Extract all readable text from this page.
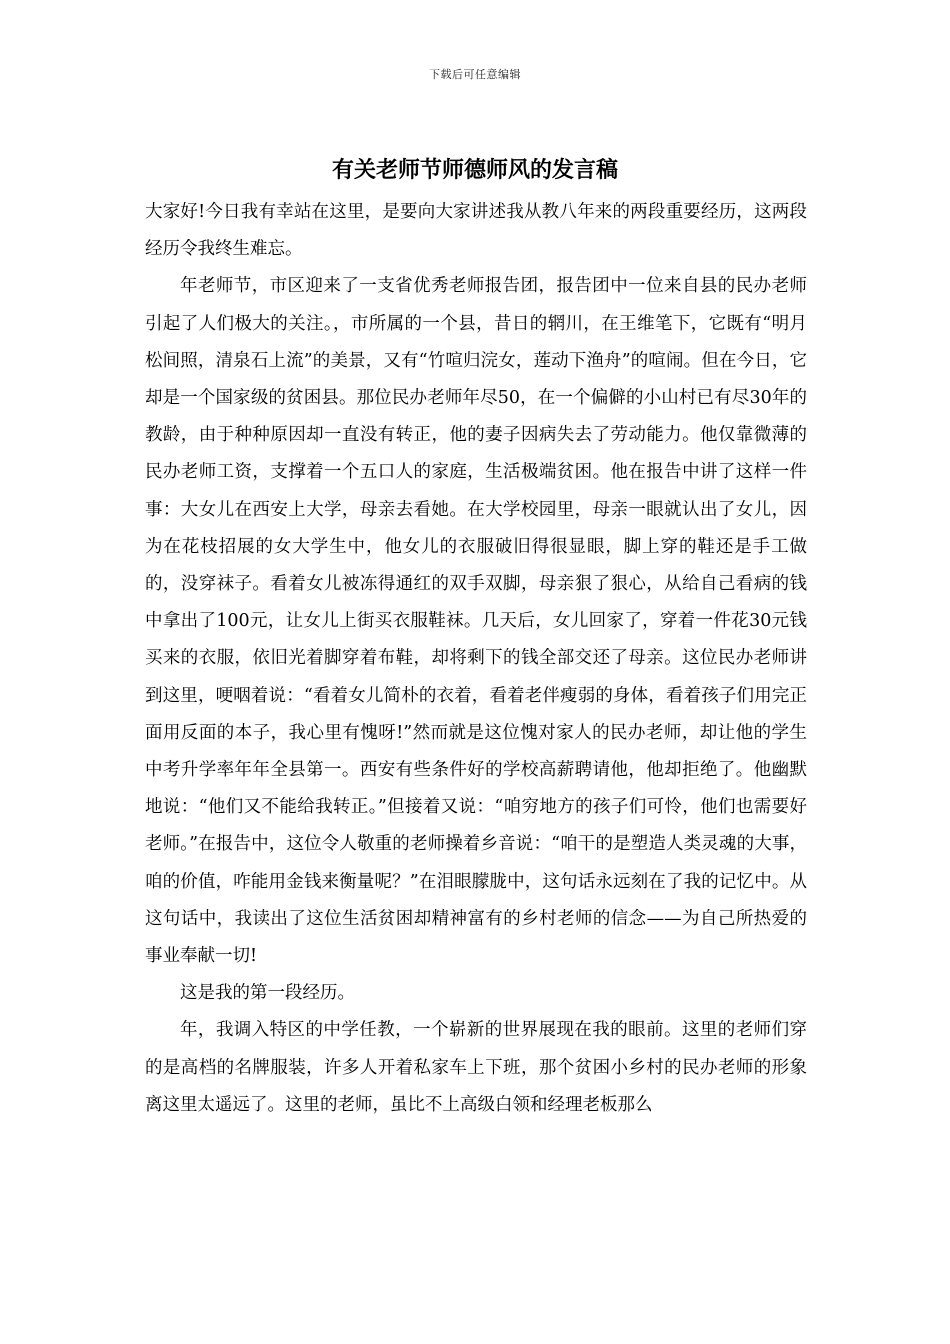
下载后可任意编辑
有关老师节师德师风的发言稿

大家好!今日我有幸站在这里，是要向大家讲述我从教八年来的两段重要经历，这两段经历令我终生难忘。

年老师节，市区迎来了一支省优秀老师报告团，报告团中一位来自县的民办老师引起了人们极大的关注。，市所属的一个县，昔日的辋川，在王维笔下，它既有“明月松间照，清泉石上流”的美景，又有“竹喧归浣女，莲动下渔舟”的喧闹。但在今日，它却是一个国家级的贫困县。那位民办老师年尽50，在一个偏僻的小山村已有尽30年的教龄，由于种种原因却一直没有转正，他的妻子因病失去了劳动能力。他仅靠微薄的民办老师工资，支撑着一个五口人的家庭，生活极端贫困。他在报告中讲了这样一件事：大女儿在西安上大学，母亲去看她。在大学校园里，母亲一眼就认出了女儿，因为在花枝招展的女大学生中，他女儿的衣服破旧得很显眼，脚上穿的鞋还是手工做的，没穿袜子。看着女儿被冻得通红的双手双脚，母亲狠了狠心，从给自己看病的钱中拿出了100元，让女儿上街买衣服鞋袜。几天后，女儿回家了，穿着一件花30元钱买来的衣服，依旧光着脚穿着布鞋，却将剩下的钱全部交还了母亲。这位民办老师讲到这里，哽咽着说：“看着女儿简朴的衣着，看着老伴瘦弱的身体，看着孩子们用完正面用反面的本子，我心里有愧呀!”然而就是这位愧对家人的民办老师，却让他的学生中考升学率年年全县第一。西安有些条件好的学校高薪聘请他，他却拒绝了。他幽默地说：“他们又不能给我转正。”但接着又说：“咱穷地方的孩子们可怜，他们也需要好老师。”在报告中，这位令人敬重的老师操着乡音说：“咱干的是塑造人类灵魂的大事，咱的价值，咋能用金钱来衡量呢？”在泪眼朦胧中，这句话永远刻在了我的记忆中。从这句话中，我读出了这位生活贫困却精神富有的乡村老师的信念——为自己所热爱的事业奉献一切!

这是我的第一段经历。

年，我调入特区的中学任教，一个崭新的世界展现在我的眼前。这里的老师们穿的是高档的名牌服装，许多人开着私家车上下班，那个贫困小乡村的民办老师的形象离这里太遥远了。这里的老师，虽比不上高级白领和经理老板那么
